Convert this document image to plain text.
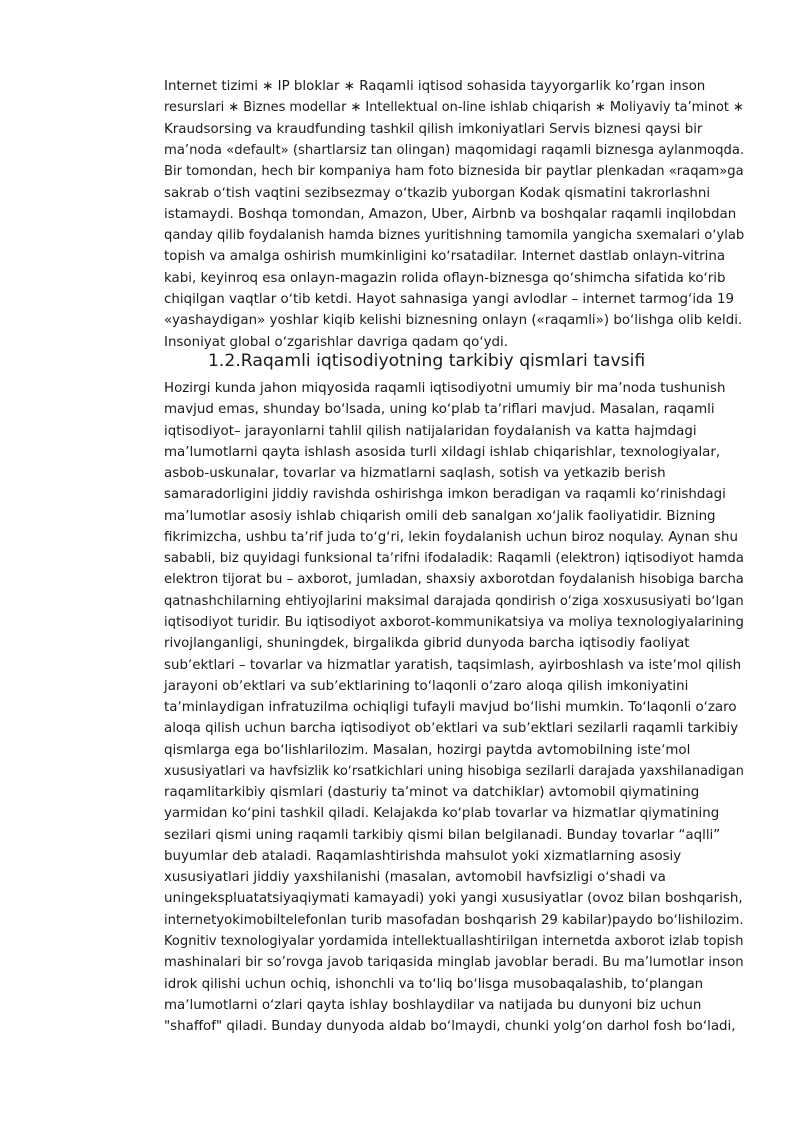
Internet tizimi ∗ IP bloklar ∗ Raqamli iqtisod sohasida tayyorgarlik ko’rgan inson
resurslari ∗ Biznes modellar ∗ Intellektual on-line ishlab chiqarish ∗ Moliyaviy ta’minot ∗
Kraudsorsing va kraudfunding tashkil qilish imkoniyatlari Servis biznesi qaysi bir
ma’noda «default» (shartlarsiz tan olingan) maqomidagi raqamli biznesga aylanmoqda.
Bir tomondan, hech bir kompaniya ham foto biznesida bir paytlar plenkadan «raqam»ga
sakrab oʻtish vaqtini sezibsezmay oʻtkazib yuborgan Kodak qismatini takrorlashni
istamaydi. Boshqa tomondan, Amazon, Uber, Airbnb va boshqalar raqamli inqilobdan
qanday qilib foydalanish hamda biznes yuritishning tamomila yangicha sxemalari oʻylab
topish va amalga oshirish mumkinligini koʻrsatadilar. Internet dastlab onlayn-vitrina
kabi, keyinroq esa onlayn-magazin rolida oflayn-biznesga qoʻshimcha sifatida koʻrib
chiqilgan vaqtlar oʻtib ketdi. Hayot sahnasiga yangi avlodlar – internet tarmogʻida 19
«yashaydigan» yoshlar kiqib kelishi biznesning onlayn («raqamli») boʻlishga olib keldi.
Insoniyat global oʻzgarishlar davriga qadam qoʻydi.
1.2.Raqamli iqtisodiyotning tarkibiy qismlari tavsifi
Hozirgi kunda jahon miqyosida raqamli iqtisodiyotni umumiy bir ma’noda tushunish
mavjud emas, shunday boʻlsada, uning koʻplab taʼriflari mavjud. Masalan, raqamli
iqtisodiyot– jarayonlarni tahlil qilish natijalaridan foydalanish va katta hajmdagi
ma’lumotlarni qayta ishlash asosida turli xildagi ishlab chiqarishlar, texnologiyalar,
asbob-uskunalar, tovarlar va hizmatlarni saqlash, sotish va yetkazib berish
samaradorligini jiddiy ravishda oshirishga imkon beradigan va raqamli koʻrinishdagi
ma’lumotlar asosiy ishlab chiqarish omili deb sanalgan xoʻjalik faoliyatidir. Bizning
fikrimizcha, ushbu taʼrif juda toʻgʻri, lekin foydalanish uchun biroz noqulay. Aynan shu
sababli, biz quyidagi funksional taʼrifni ifodaladik: Raqamli (elektron) iqtisodiyot hamda
elektron tijorat bu – axborot, jumladan, shaxsiy axborotdan foydalanish hisobiga barcha
qatnashchilarning ehtiyojlarini maksimal darajada qondirish oʻziga xosxususiyati boʻlgan
iqtisodiyot turidir. Bu iqtisodiyot axborot-kommunikatsiya va moliya texnologiyalarining
rivojlanganligi, shuningdek, birgalikda gibrid dunyoda barcha iqtisodiy faoliyat
subʼektlari – tovarlar va hizmatlar yaratish, taqsimlash, ayirboshlash va isteʼmol qilish
jarayoni obʼektlari va subʼektlarining toʻlaqonli oʻzaro aloqa qilish imkoniyatini
taʼminlaydigan infratuzilma ochiqligi tufayli mavjud boʻlishi mumkin. Toʻlaqonli oʻzaro
aloqa qilish uchun barcha iqtisodiyot obʼektlari va subʼektlari sezilarli raqamli tarkibiy
qismlarga ega boʻlishlarilozim. Masalan, hozirgi paytda avtomobilning isteʼmol
xususiyatlari va havfsizlik koʻrsatkichlari uning hisobiga sezilarli darajada yaxshilanadigan
raqamlitarkibiy qismlari (dasturiy taʼminot va datchiklar) avtomobil qiymatining
yarmidan koʻpini tashkil qiladi. Kelajakda koʻplab tovarlar va hizmatlar qiymatining
sezilari qismi uning raqamli tarkibiy qismi bilan belgilanadi. Bunday tovarlar “aqlli”
buyumlar deb ataladi. Raqamlashtirishda mahsulot yoki xizmatlarning asosiy
xususiyatlari jiddiy yaxshilanishi (masalan, avtomobil havfsizligi oʻshadi va
uningekspluatatsiyaqiymati kamayadi) yoki yangi xususiyatlar (ovoz bilan boshqarish,
internetyokimobiltelefonlan turib masofadan boshqarish 29 kabilar)paydo boʻlishilozim.
Kognitiv texnologiyalar yordamida intellektuallashtirilgan internetda axborot izlab topish
mashinalari bir so’rovga javob tariqasida minglab javoblar beradi. Bu ma’lumotlar inson
idrok qilishi uchun ochiq, ishonchli va toʻliq boʻlisga musobaqalashib, toʻplangan
maʼlumotlarni oʻzlari qayta ishlay boshlaydilar va natijada bu dunyoni biz uchun
"shaffof" qiladi. Bunday dunyoda aldab boʻlmaydi, chunki yolgʻon darhol fosh boʻladi,
